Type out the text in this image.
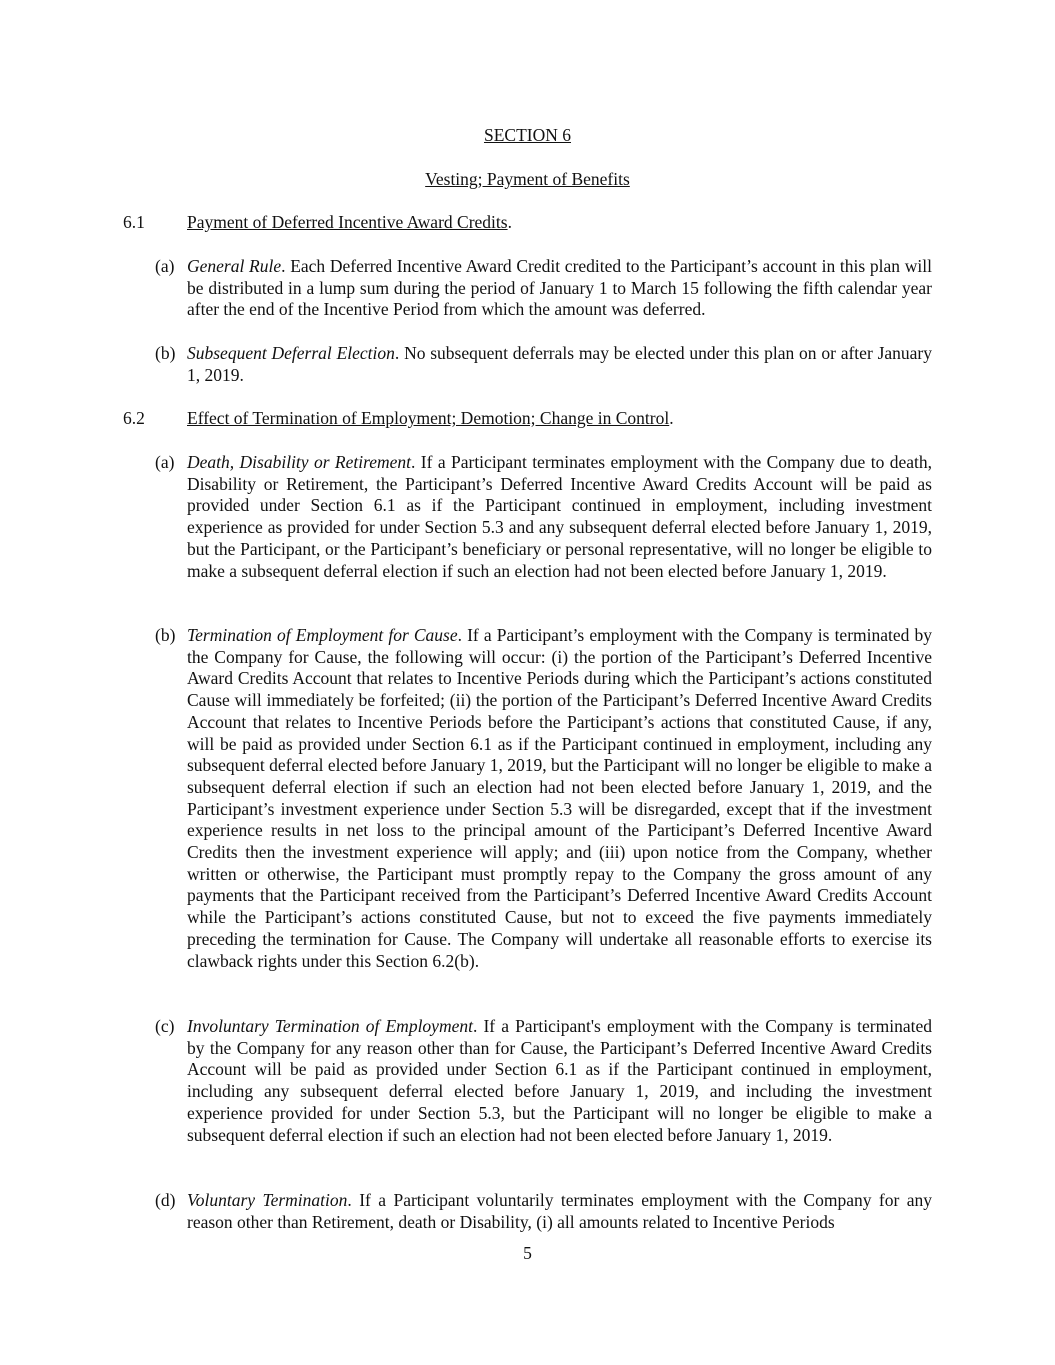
SECTION 6
Vesting; Payment of Benefits
6.1 Payment of Deferred Incentive Award Credits.
(a) General Rule. Each Deferred Incentive Award Credit credited to the Participant’s account in this plan will be distributed in a lump sum during the period of January 1 to March 15 following the fifth calendar year after the end of the Incentive Period from which the amount was deferred.
(b) Subsequent Deferral Election. No subsequent deferrals may be elected under this plan on or after January 1, 2019.
6.2 Effect of Termination of Employment; Demotion; Change in Control.
(a) Death, Disability or Retirement. If a Participant terminates employment with the Company due to death, Disability or Retirement, the Participant’s Deferred Incentive Award Credits Account will be paid as provided under Section 6.1 as if the Participant continued in employment, including investment experience as provided for under Section 5.3 and any subsequent deferral elected before January 1, 2019, but the Participant, or the Participant’s beneficiary or personal representative, will no longer be eligible to make a subsequent deferral election if such an election had not been elected before January 1, 2019.
(b) Termination of Employment for Cause. If a Participant’s employment with the Company is terminated by the Company for Cause, the following will occur: (i) the portion of the Participant’s Deferred Incentive Award Credits Account that relates to Incentive Periods during which the Participant’s actions constituted Cause will immediately be forfeited; (ii) the portion of the Participant’s Deferred Incentive Award Credits Account that relates to Incentive Periods before the Participant’s actions that constituted Cause, if any, will be paid as provided under Section 6.1 as if the Participant continued in employment, including any subsequent deferral elected before January 1, 2019, but the Participant will no longer be eligible to make a subsequent deferral election if such an election had not been elected before January 1, 2019, and the Participant’s investment experience under Section 5.3 will be disregarded, except that if the investment experience results in net loss to the principal amount of the Participant’s Deferred Incentive Award Credits then the investment experience will apply; and (iii) upon notice from the Company, whether written or otherwise, the Participant must promptly repay to the Company the gross amount of any payments that the Participant received from the Participant’s Deferred Incentive Award Credits Account while the Participant’s actions constituted Cause, but not to exceed the five payments immediately preceding the termination for Cause. The Company will undertake all reasonable efforts to exercise its clawback rights under this Section 6.2(b).
(c) Involuntary Termination of Employment. If a Participant's employment with the Company is terminated by the Company for any reason other than for Cause, the Participant’s Deferred Incentive Award Credits Account will be paid as provided under Section 6.1 as if the Participant continued in employment, including any subsequent deferral elected before January 1, 2019, and including the investment experience provided for under Section 5.3, but the Participant will no longer be eligible to make a subsequent deferral election if such an election had not been elected before January 1, 2019.
(d) Voluntary Termination. If a Participant voluntarily terminates employment with the Company for any reason other than Retirement, death or Disability, (i) all amounts related to Incentive Periods
5
